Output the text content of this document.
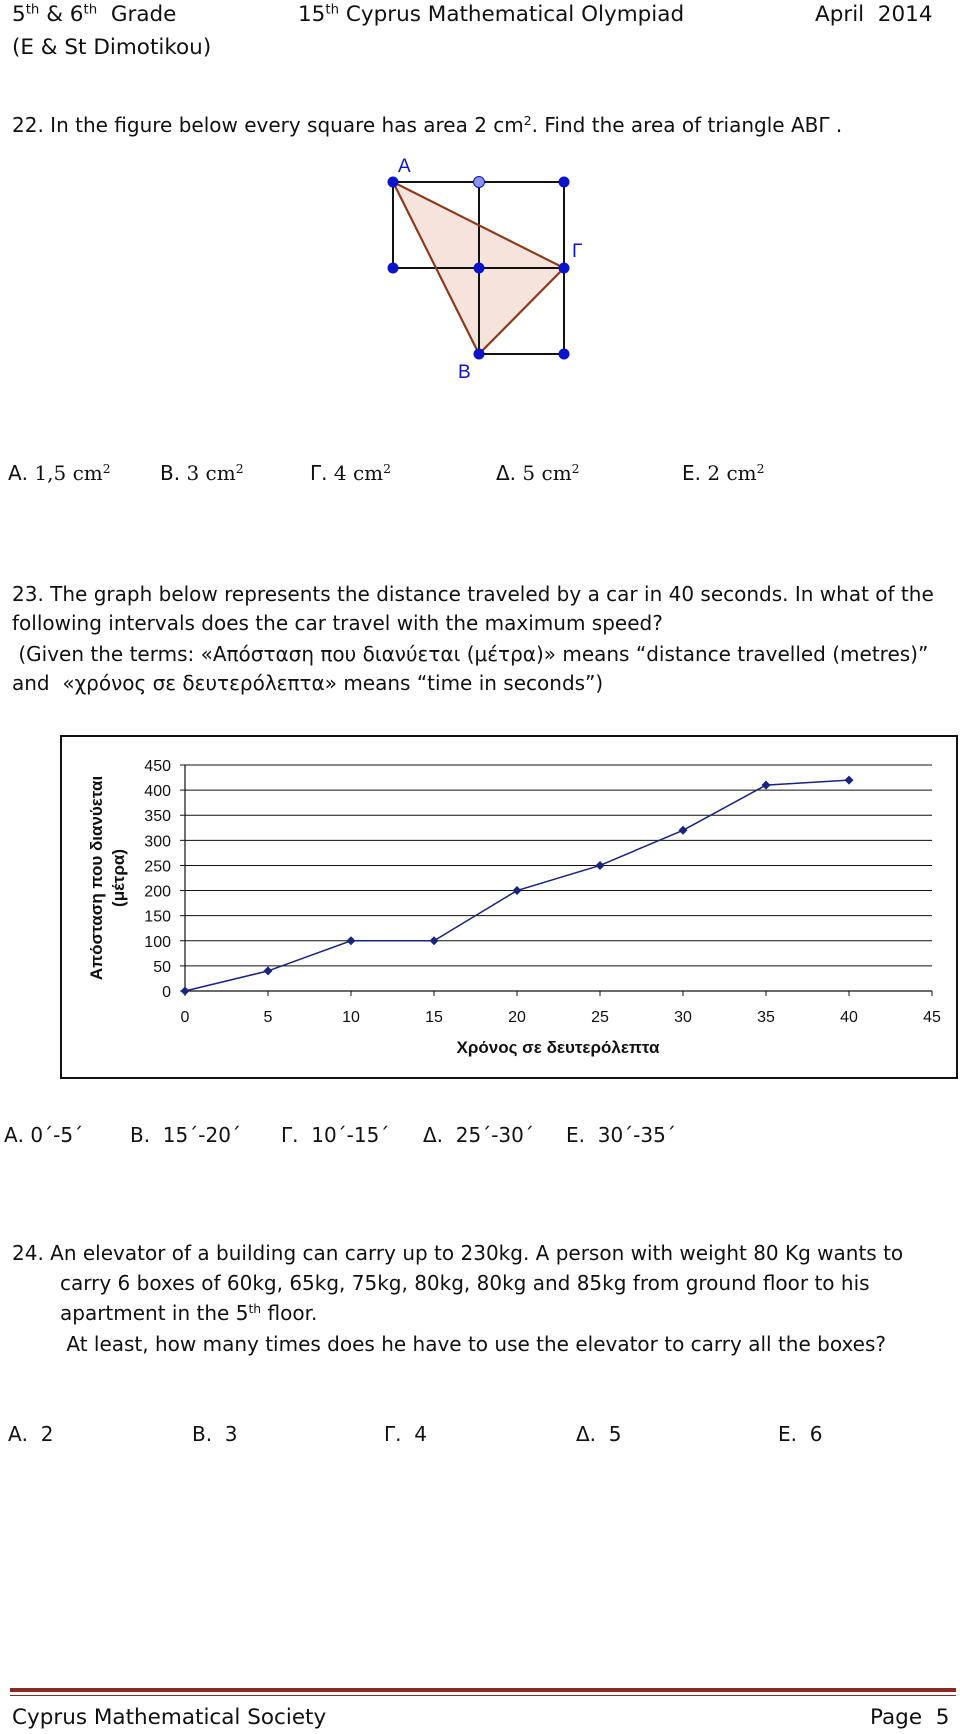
5th & 6th  Grade
(E & St Dimotikou)
15th Cyprus Mathematical Olympiad	April  2014
22. In the figure below every square has area 2 $cm^2$. Find the area of triangle ΑΒΓ .
Α
Γ
Β
Α. 1,5 $cm^2$ Β. 3 $cm^2$	Γ. 4 $cm^2$	Δ. 5 $cm^2$	Ε. 2 $cm^2$
23. The graph below represents the distance traveled by a car in 40 seconds. In what of the
following intervals does the car travel with the maximum speed?
(Given the terms: «Απόσταση που διανύεται (μέτρα)» means “distance travelled (metres)”
and  «χρόνος σε δευτερόλεπτα» means “time in seconds”)
0
50
100
150
200
250
300
350
400
450
0	5	10	15	20	25	30	35	40	45
Χρόνος σε δευτερόλεπτα
Απόσταση που διανύεται (μέτρα)
Α. 0΄-5΄ Β. 15΄-20΄ Γ. 10΄-15΄ Δ. 25΄-30΄ Ε. 30΄-35΄
24. An elevator of a building can carry up to 230kg. A person with weight 80 Kg wants to
carry 6 boxes of 60kg, 65kg, 75kg, 80kg, 80kg and 85kg from ground floor to his
apartment in the 5th floor.
At least, how many times does he have to use the elevator to carry all the boxes?
Α. 2	Β. 3	Γ. 4	Δ. 5	Ε. 6
Cyprus Mathematical Society	Page  5
